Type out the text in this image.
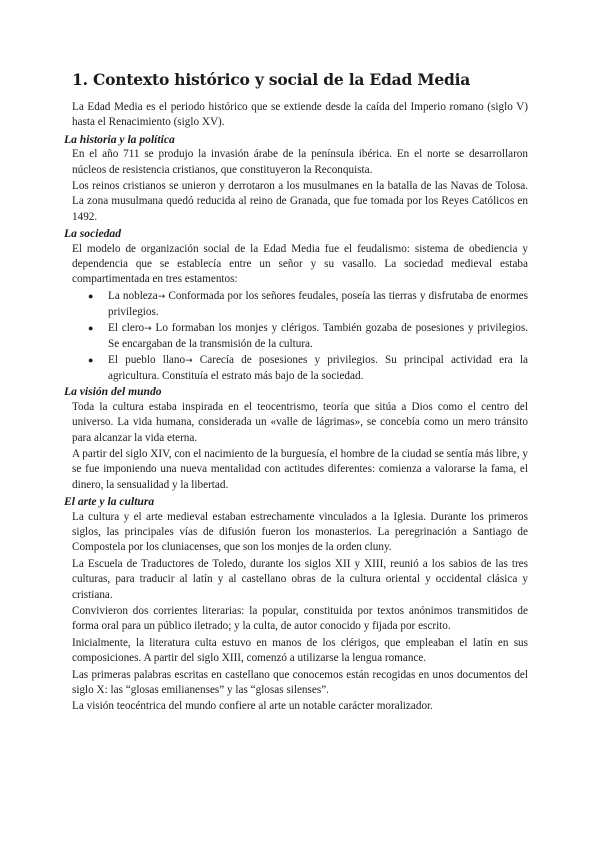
1. Contexto histórico y social de la Edad Media

La Edad Media es el periodo histórico que se extiende desde la caída del Imperio romano (siglo V) hasta el Renacimiento (siglo XV).

La historia y la política

En el año 711 se produjo la invasión árabe de la península ibérica. En el norte se desarrollaron núcleos de resistencia cristianos, que constituyeron la Reconquista.

Los reinos cristianos se unieron y derrotaron a los musulmanes en la batalla de las Navas de Tolosa. La zona musulmana quedó reducida al reino de Granada, que fue tomada por los Reyes Católicos en 1492.

La sociedad

El modelo de organización social de la Edad Media fue el feudalismo: sistema de obediencia y dependencia que se establecía entre un señor y su vasallo. La sociedad medieval estaba compartimentada en tres estamentos:

● La nobleza→ Conformada por los señores feudales, poseía las tierras y disfrutaba de enormes privilegios.
● El clero→ Lo formaban los monjes y clérigos. También gozaba de posesiones y privilegios. Se encargaban de la transmisión de la cultura.
● El pueblo llano→ Carecía de posesiones y privilegios. Su principal actividad era la agricultura. Constituía el estrato más bajo de la sociedad.
La visión del mundo

Toda la cultura estaba inspirada en el teocentrismo, teoría que sitúa a Dios como el centro del universo. La vida humana, considerada un «valle de lágrimas», se concebía como un mero tránsito para alcanzar la vida eterna.

A partir del siglo XIV, con el nacimiento de la burguesía, el hombre de la ciudad se sentía más libre, y se fue imponiendo una nueva mentalidad con actitudes diferentes: comienza a valorarse la fama, el dinero, la sensualidad y la libertad.

El arte y la cultura

La cultura y el arte medieval estaban estrechamente vinculados a la Iglesia. Durante los primeros siglos, las principales vías de difusión fueron los monasterios. La peregrinación a Santiago de Compostela por los cluniacenses, que son los monjes de la orden cluny.

La Escuela de Traductores de Toledo, durante los siglos XII y XIII, reunió a los sabios de las tres culturas, para traducir al latín y al castellano obras de la cultura oriental y occidental clásica y cristiana.

Convivieron dos corrientes literarias: la popular, constituida por textos anónimos transmitidos de forma oral para un público iletrado; y la culta, de autor conocido y fijada por escrito.

Inicialmente, la literatura culta estuvo en manos de los clérigos, que empleaban el latín en sus composiciones. A partir del siglo XIII, comenzó a utilizarse la lengua romance.

Las primeras palabras escritas en castellano que conocemos están recogidas en unos documentos del siglo X: las “glosas emilianenses” y las “glosas silenses”.

La visión teocéntrica del mundo confiere al arte un notable carácter moralizador.
